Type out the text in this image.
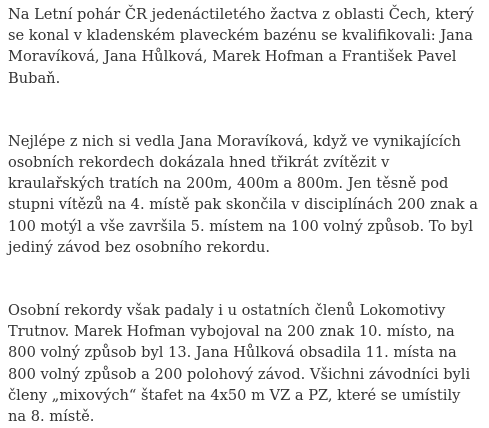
Na Letní pohár ČR jedenáctiletého žactva z oblasti Čech, který se konal v kladenském plaveckém bazénu se kvalifikovali: Jana Moravíková, Jana Hůlková, Marek Hofman a František Pavel Bubaň.

Nejlépe z nich si vedla Jana Moravíková, když ve vynikajících osobních rekordech dokázala hned třikrát zvítězit v kraulařských tratích na 200m, 400m a 800m. Jen těsně pod stupni vítězů na 4. místě pak skončila v disciplínách 200 znak a 100 motýl a vše završila 5. místem na 100 volný způsob. To byl jediný závod bez osobního rekordu.

Osobní rekordy však padaly i u ostatních členů Lokomotivy Trutnov. Marek Hofman vybojoval na 200 znak 10. místo, na 800 volný způsob byl 13. Jana Hůlková obsadila 11. místa na 800 volný způsob a 200 polohový závod. Všichni závodníci byli členy „mixových“ štafet na 4x50 m VZ a PZ, které se umístily na 8. místě.
